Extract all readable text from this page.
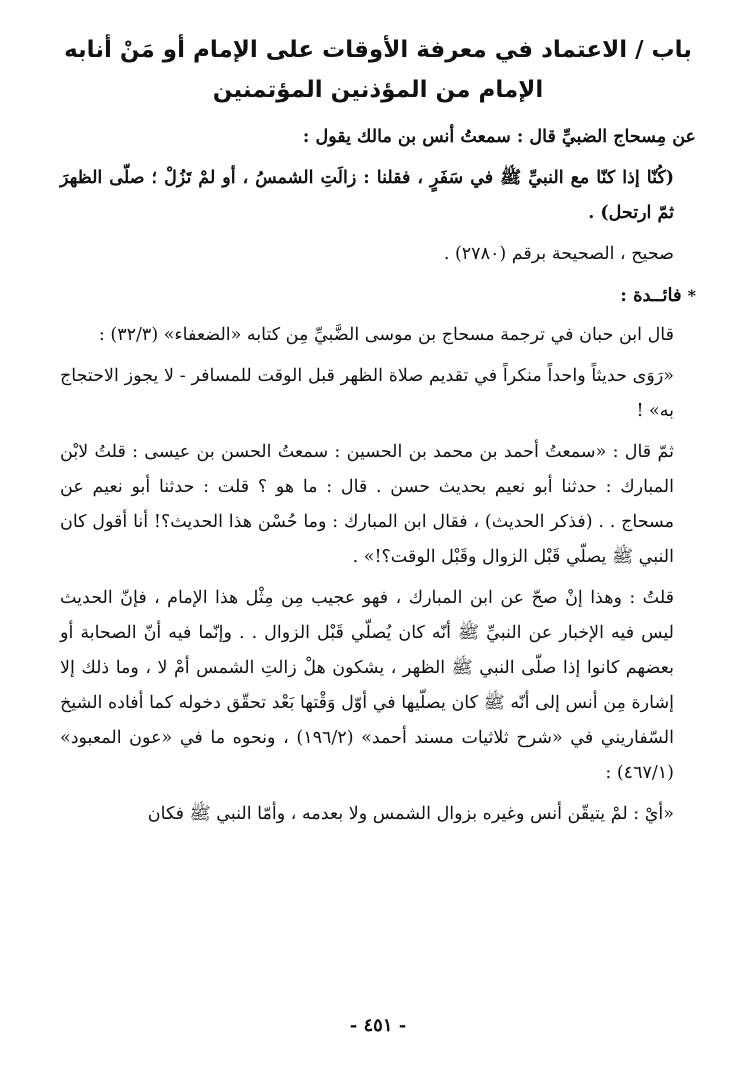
باب / الاعتماد في معرفة الأوقات على الإمام أو مَنْ أنابه
الإمام من المؤذنين المؤتمنين

عن مِسحاج الضبيِّ قال : سمعتُ أنس بن مالك يقول :

(كُنّا إذا كنّا مع النبيِّ ﷺ في سَفَرٍ ، فقلنا : زالَتِ الشمسُ ، أو لمْ تَزُلْ ؛ صلّى الظهرَ ثمّ ارتحل) .

صحيح ، الصحيحة برقم (٢٧٨٠) .

*فائــدة :

قال ابن حبان في ترجمة مسحاج بن موسى الضَّبيِّ مِن كتابه «الضعفاء» (٣٢/٣) :

«رَوَى حديثاً واحداً منكراً في تقديم صلاة الظهر قبل الوقت للمسافر - لا يجوز الاحتجاج به» !

ثمّ قال : «سمعتُ أحمد بن محمد بن الحسين : سمعتُ الحسن بن عيسى : قلتُ لابْن المبارك : حدثنا أبو نعيم بحديث حسن . قال : ما هو ؟ قلت : حدثنا أبو نعيم عن مسحاج . . (فذكر الحديث) ، فقال ابن المبارك : وما حُسْن هذا الحديث؟! أنا أقول كان النبي ﷺ يصلّي قَبْل الزوال وقَبْل الوقت؟!» .

قلتُ : وهذا إنْ صحّ عن ابن المبارك ، فهو عجيب مِن مِثْل هذا الإمام ، فإنّ الحديث ليس فيه الإخبار عن النبيِّ ﷺ أنّه كان يُصلّي قَبْل الزوال . . وإنّما فيه أنّ الصحابة أو بعضهم كانوا إذا صلّى النبي ﷺ الظهر ، يشكون هلْ زالتِ الشمس أمْ لا ، وما ذلك إلا إشارة مِن أنس إلى أنّه ﷺ كان يصلّيها في أوّل وَقْتها بَعْد تحقّق دخوله كما أفاده الشيخ السّفاريني في «شرح ثلاثيات مسند أحمد» (١٩٦/٢) ، ونحوه ما في «عون المعبود» (٤٦٧/١) :

«أيْ : لمْ يتيقّن أنس وغيره بزوال الشمس ولا بعدمه ، وأمّا النبي ﷺ فكان

- ٤٥١ -
